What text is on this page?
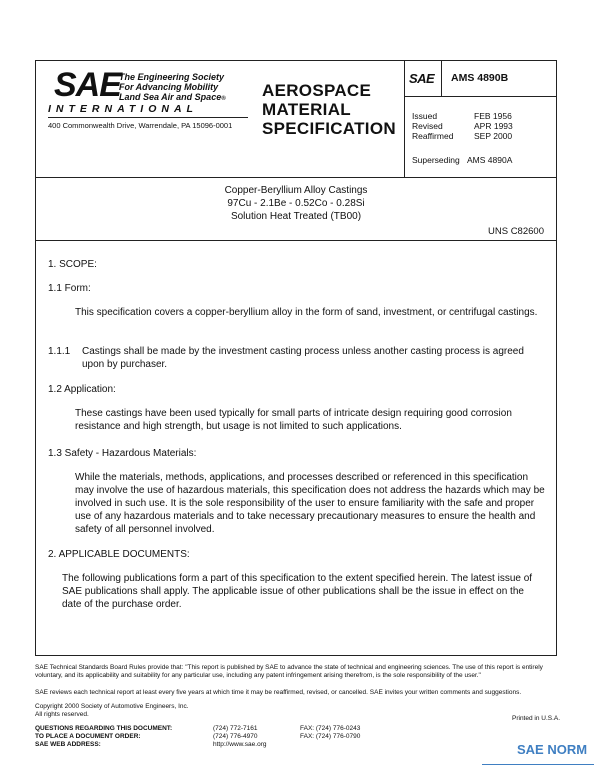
SAE
The Engineering Society
For Advancing Mobility
Land Sea Air and Space®
INTERNATIONAL
400 Commonwealth Drive, Warrendale, PA 15096-0001
AEROSPACE
MATERIAL
SPECIFICATION
SAE AMS 4890B
Issued	FEB 1956
Revised	APR 1993
Reaffirmed SEP 2000
Superseding AMS 4890A
Copper-Beryllium Alloy Castings
97Cu - 2.1Be - 0.52Co - 0.28Si
Solution Heat Treated (TB00)
UNS C82600
1. SCOPE:
1.1 Form:
This specification covers a copper-beryllium alloy in the form of sand, investment, or centrifugal castings.
1.1.1 Castings shall be made by the investment casting process unless another casting process is agreed upon by purchaser.
1.2 Application:
These castings have been used typically for small parts of intricate design requiring good corrosion resistance and high strength, but usage is not limited to such applications.
1.3 Safety - Hazardous Materials:
While the materials, methods, applications, and processes described or referenced in this specification may involve the use of hazardous materials, this specification does not address the hazards which may be involved in such use. It is the sole responsibility of the user to ensure familiarity with the safe and proper use of any hazardous materials and to take necessary precautionary measures to ensure the health and safety of all personnel involved.
2. APPLICABLE DOCUMENTS:
The following publications form a part of this specification to the extent specified herein. The latest issue of SAE publications shall apply. The applicable issue of other publications shall be the issue in effect on the date of the purchase order.
SAE Technical Standards Board Rules provide that: "This report is published by SAE to advance the state of technical and engineering sciences. The use of this report is entirely voluntary, and its applicability and suitability for any particular use, including any patent infringement arising therefrom, is the sole responsibility of the user."
SAE reviews each technical report at least every five years at which time it may be reaffirmed, revised, or cancelled. SAE invites your written comments and suggestions.
Copyright 2000 Society of Automotive Engineers, Inc.
All rights reserved.
Printed in U.S.A.
QUESTIONS REGARDING THIS DOCUMENT:	(724) 772-7161	FAX: (724) 776-0243
TO PLACE A DOCUMENT ORDER:	(724) 776-4970	FAX: (724) 776-0790
SAE WEB ADDRESS:	http://www.sae.org	SAE NORM
